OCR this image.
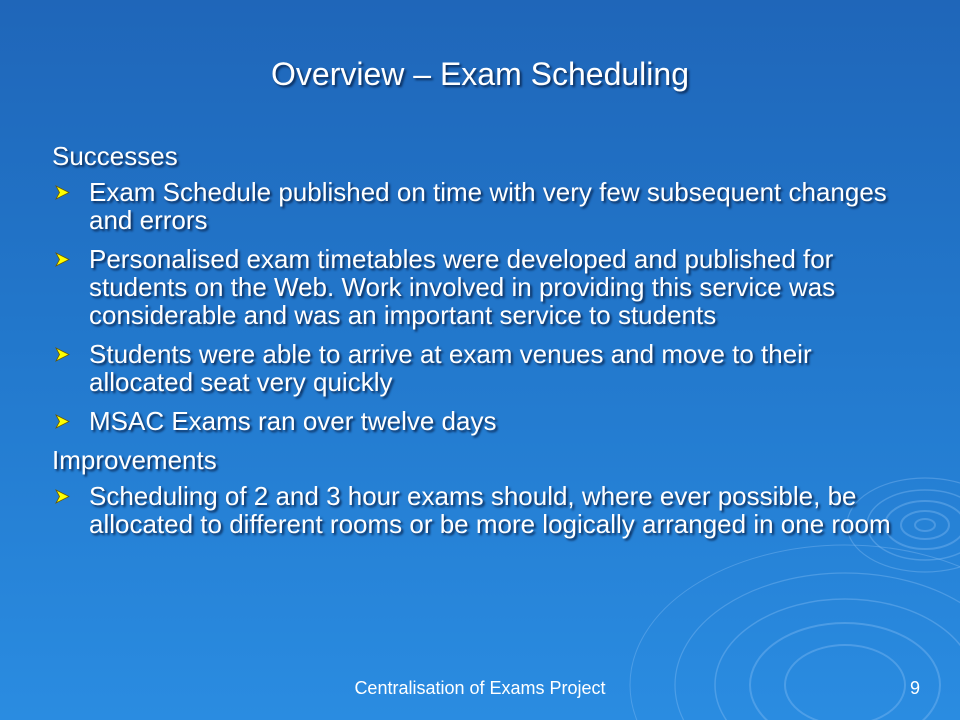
Overview – Exam Scheduling
Successes
Exam Schedule published on time with very few subsequent changes and errors
Personalised exam timetables were developed and published for students on the Web. Work involved in providing this service was considerable and was an important service to students
Students were able to arrive at exam venues and move to their allocated seat very quickly
MSAC Exams ran over twelve days
Improvements
Scheduling of 2 and 3 hour exams should, where ever possible, be allocated to different rooms or be more logically arranged in one room
Centralisation of Exams Project	9
